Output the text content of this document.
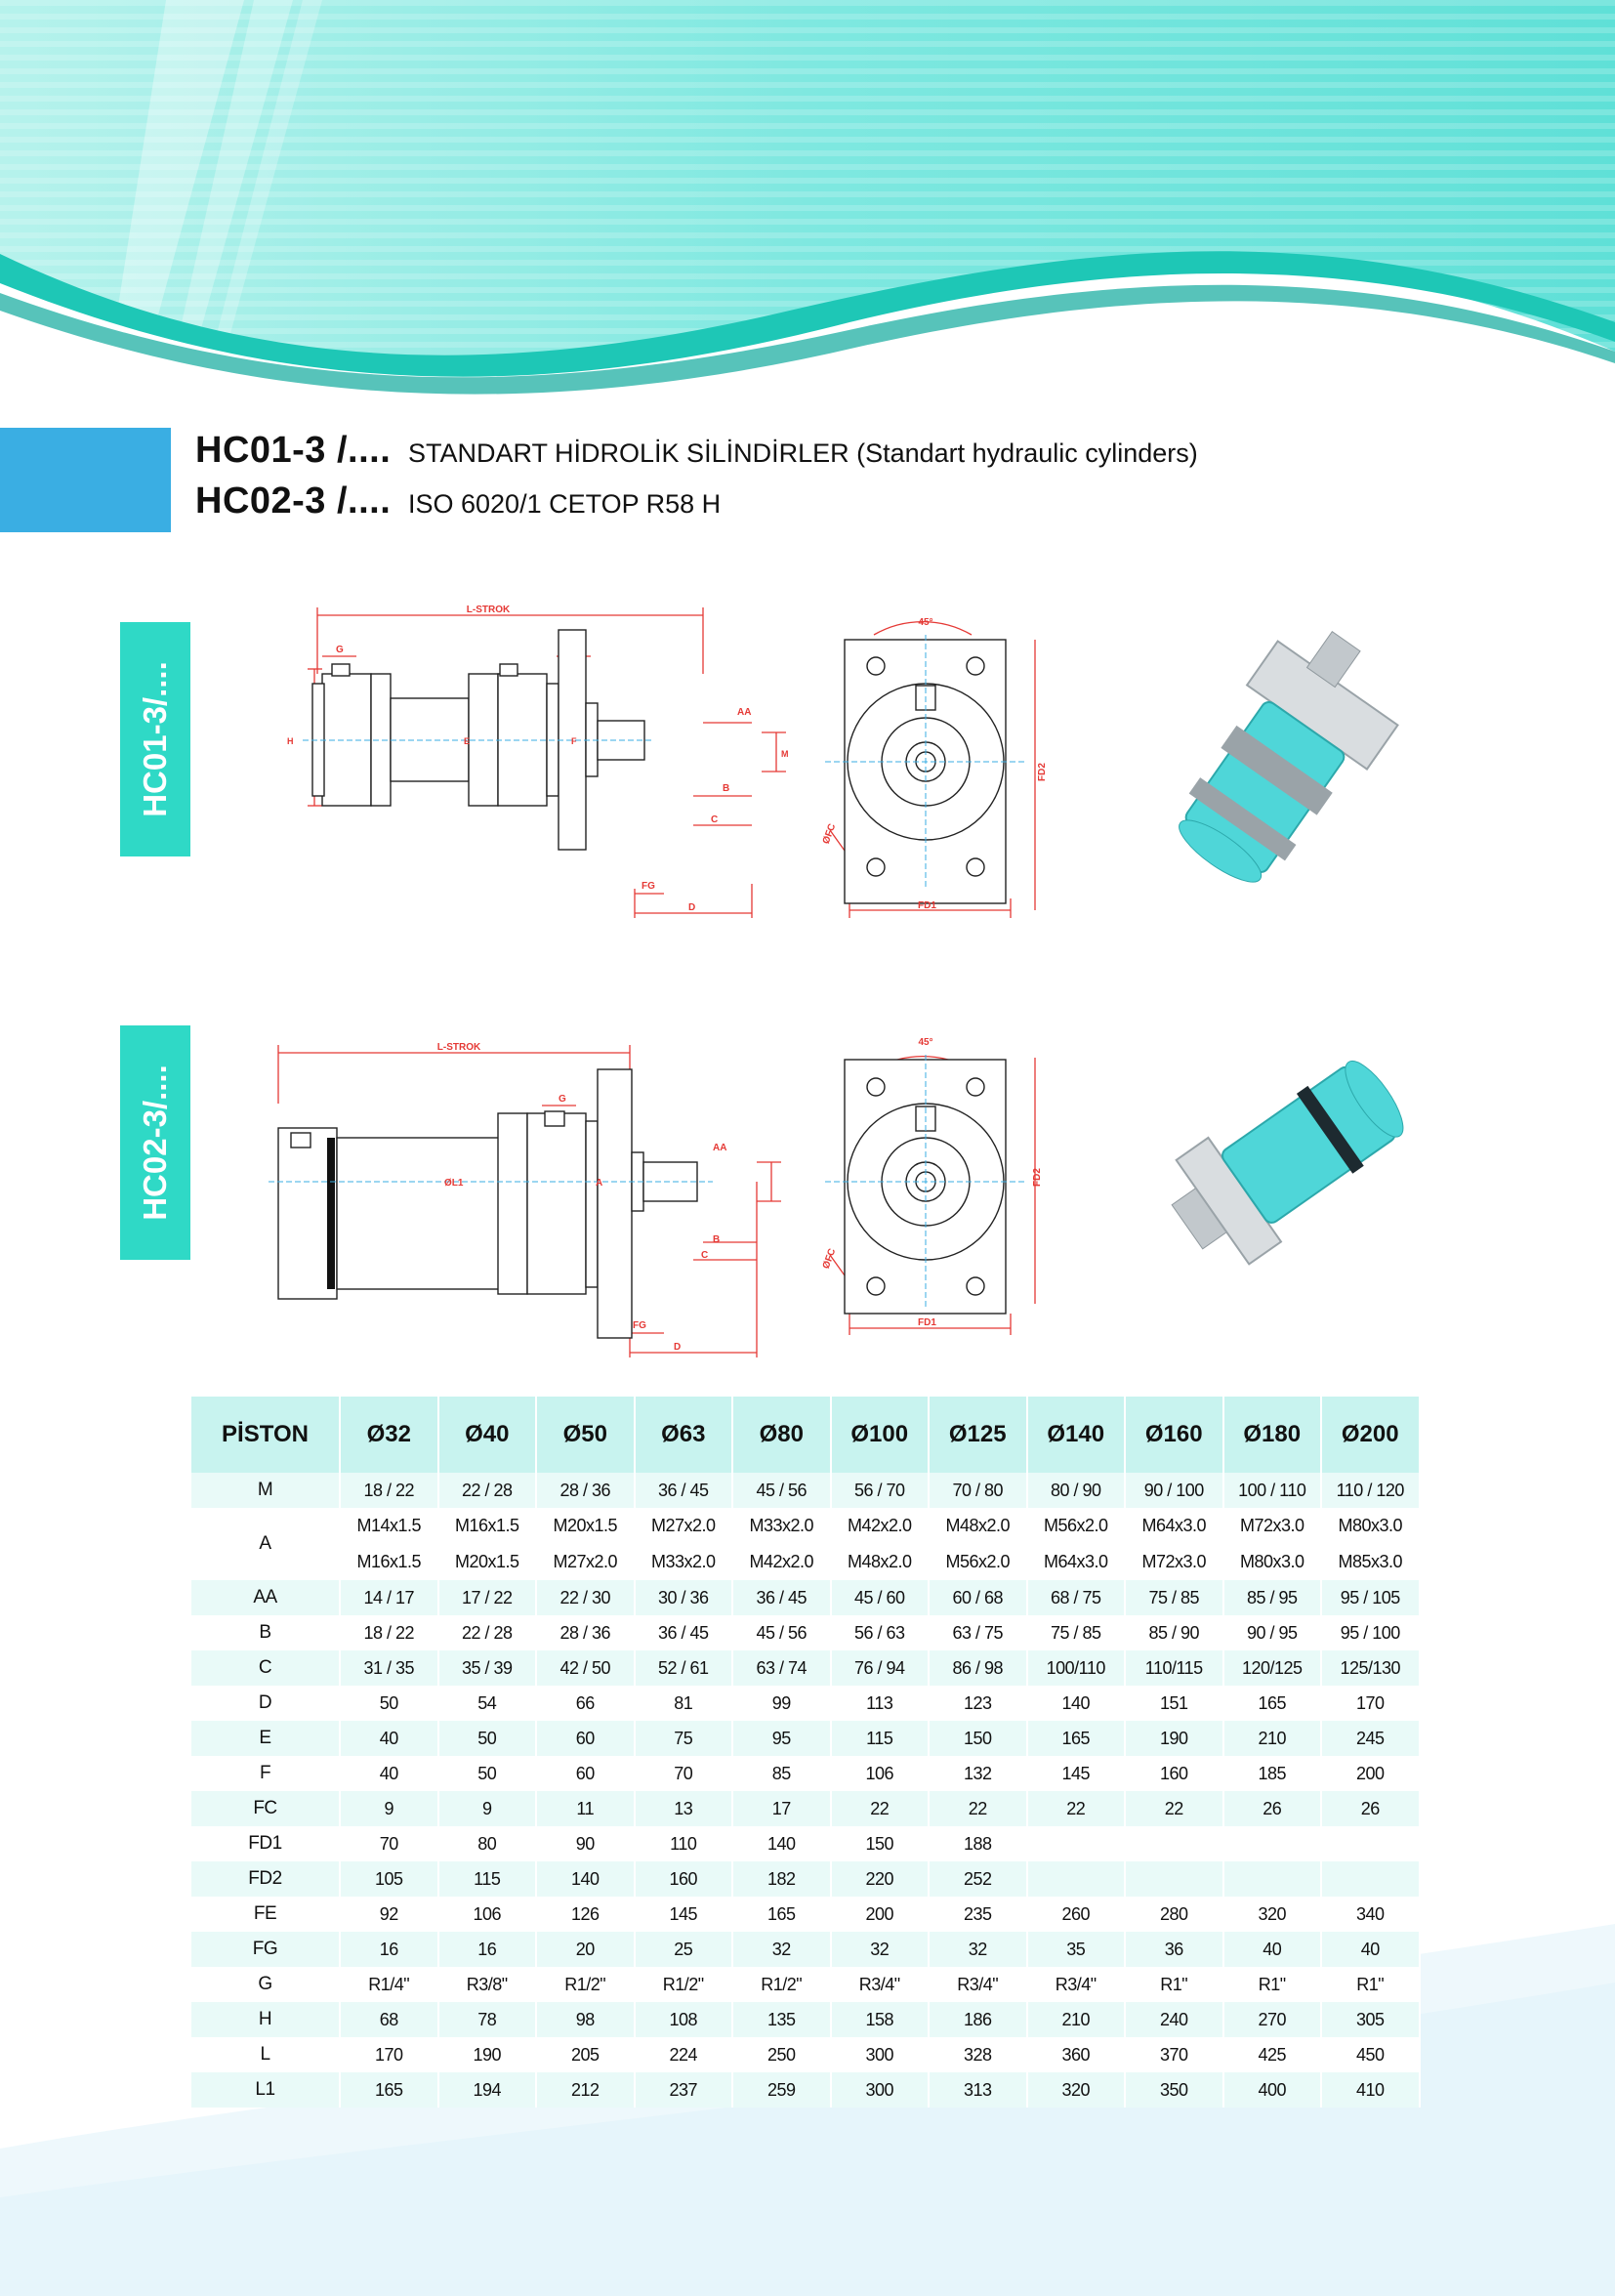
HC01-3 /.... STANDART HİDROLİK SİLİNDİRLER (Standart hydraulic cylinders)
HC02-3 /.... ISO 6020/1 CETOP R58 H
HC01-3/....
HC02-3/....
L-STROK
G
AA
B
C
D
FG
H	E	F
M
45°
FD1
FD2
ØFC
L-STROK
G
AA
B
C
D
FG
ØL1	A
45°
FD1
FD2
ØFC
PİSTON	Ø32	Ø40	Ø50	Ø63	Ø80	Ø100	Ø125	Ø140	Ø160	Ø180	Ø200
M	18 / 22	22 / 28	28 / 36	36 / 45	45 / 56	56 / 70	70 / 80	80 / 90	90 / 100	100 / 110	110 / 120
A	M14x1.5	M16x1.5	M20x1.5	M27x2.0	M33x2.0	M42x2.0	M48x2.0	M56x2.0	M64x3.0	M72x3.0	M80x3.0
	M16x1.5	M20x1.5	M27x2.0	M33x2.0	M42x2.0	M48x2.0	M56x2.0	M64x3.0	M72x3.0	M80x3.0	M85x3.0
AA	14 / 17	17 / 22	22 / 30	30 / 36	36 / 45	45 / 60	60 / 68	68 / 75	75 / 85	85 / 95	95 / 105
B	18 / 22	22 / 28	28 / 36	36 / 45	45 / 56	56 / 63	63 / 75	75 / 85	85 / 90	90 / 95	95 / 100
C	31 / 35	35 / 39	42 / 50	52 / 61	63 / 74	76 / 94	86 / 98	100/110	110/115	120/125	125/130
D	50	54	66	81	99	113	123	140	151	165	170
E	40	50	60	75	95	115	150	165	190	210	245
F	40	50	60	70	85	106	132	145	160	185	200
FC	9	9	11	13	17	22	22	22	22	26	26
FD1	70	80	90	110	140	150	188				
FD2	105	115	140	160	182	220	252				
FE	92	106	126	145	165	200	235	260	280	320	340
FG	16	16	20	25	32	32	32	35	36	40	40
G	R1/4"	R3/8"	R1/2"	R1/2"	R1/2"	R3/4"	R3/4"	R3/4"	R1"	R1"	R1"
H	68	78	98	108	135	158	186	210	240	270	305
L	170	190	205	224	250	300	328	360	370	425	450
L1	165	194	212	237	259	300	313	320	350	400	410
